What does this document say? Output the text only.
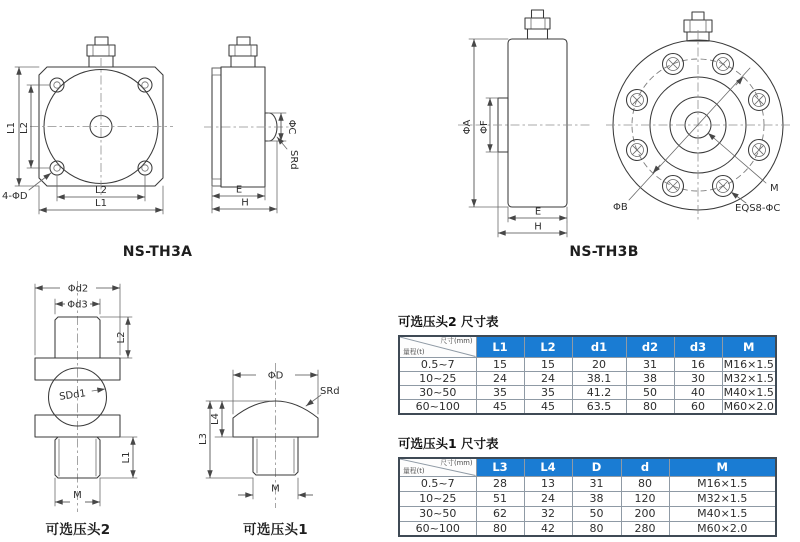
L1 L2
L2
L1
4-ΦD
ΦC
SRd
E
H
NS-TH3A
ΦA ΦF
E
H
ΦB
M
EQS8-ΦC
NS-TH3B
Φd2
Φd3
L2
SDd1
M
L1
可选压头2
ΦD
SRd
M
L4
L3
可选压头1
可选压头2 尺寸表
尺寸(mm)
量程(t)	L1	L2	d1	d2	d3	M
0.5~7	15	15	20	31	16	M16×1.5
10~25	24	24	38.1	38	30	M32×1.5
30~50	35	35	41.2	50	40	M40×1.5
60~100	45	45	63.5	80	60	M60×2.0
可选压头1 尺寸表
尺寸(mm)
量程(t)	L3	L4	D	d	M
0.5~7	28	13	31	80	M16×1.5
10~25	51	24	38	120	M32×1.5
30~50	62	32	50	200	M40×1.5
60~100	80	42	80	280	M60×2.0
